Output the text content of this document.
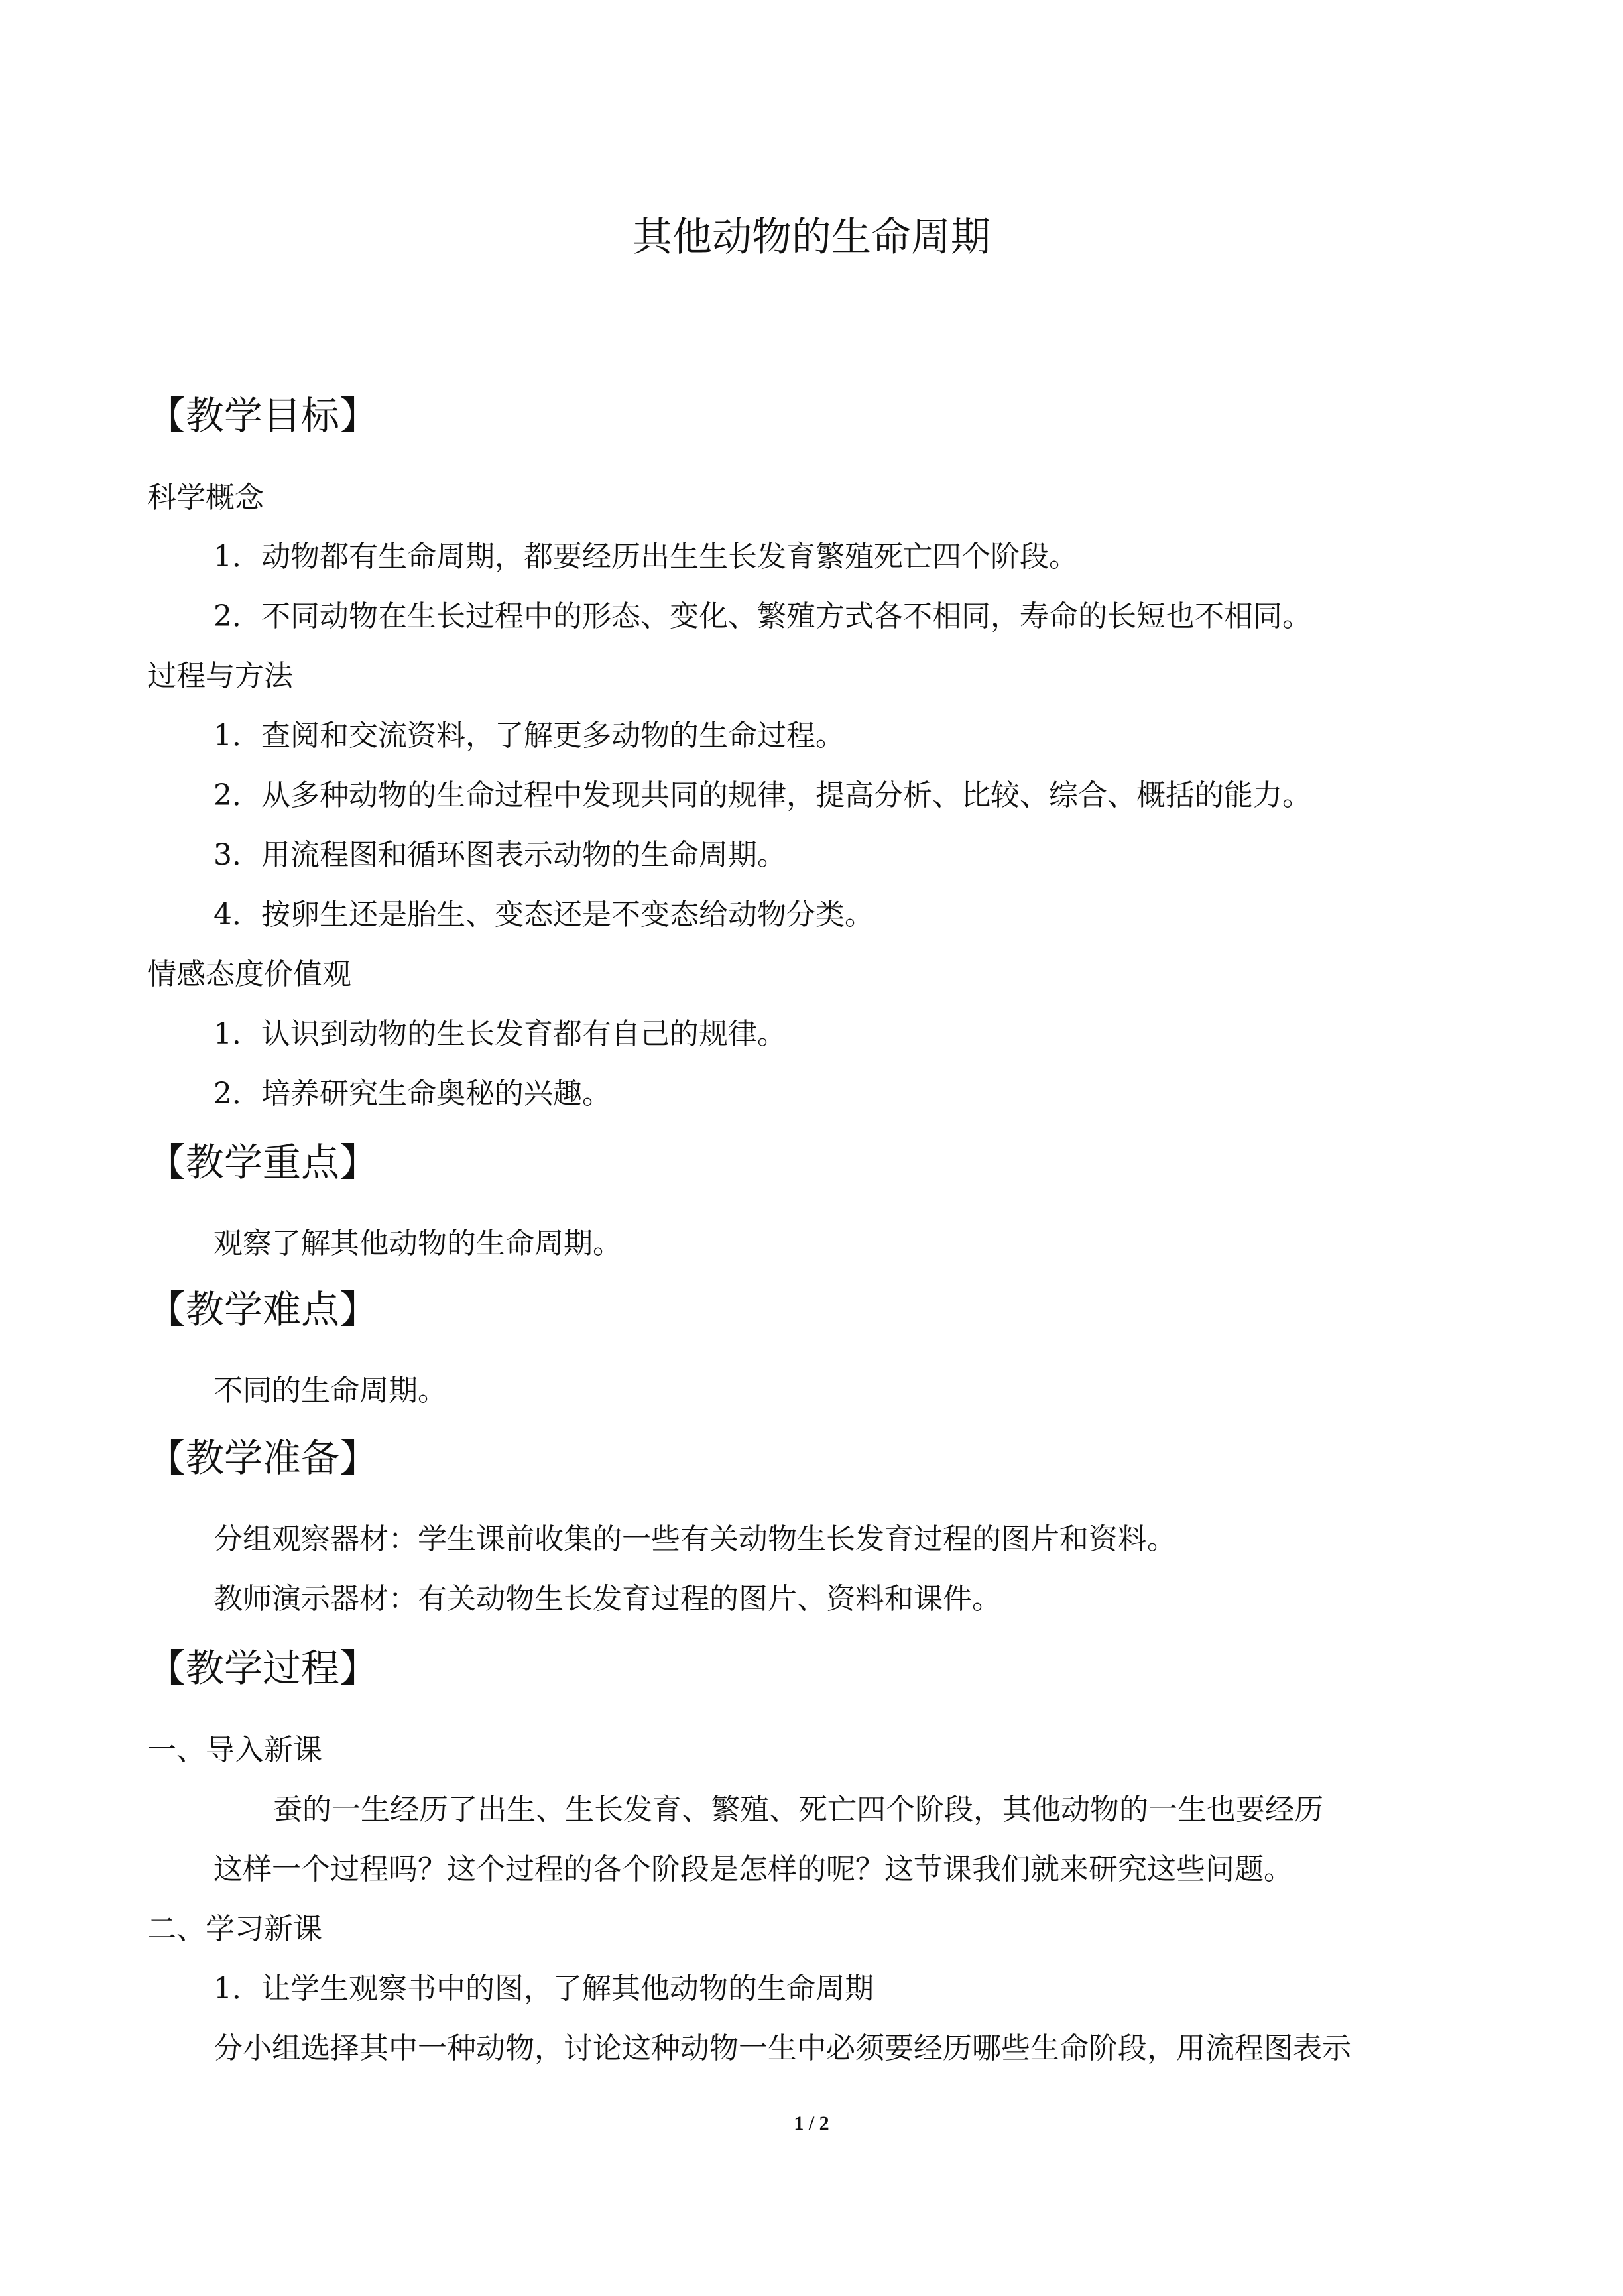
其他动物的生命周期
【教学目标】
科学概念
1．动物都有生命周期，都要经历出生生长发育繁殖死亡四个阶段。
2．不同动物在生长过程中的形态、变化、繁殖方式各不相同，寿命的长短也不相同。
过程与方法
1．查阅和交流资料，了解更多动物的生命过程。
2．从多种动物的生命过程中发现共同的规律，提高分析、比较、综合、概括的能力。
3．用流程图和循环图表示动物的生命周期。
4．按卵生还是胎生、变态还是不变态给动物分类。
情感态度价值观
1．认识到动物的生长发育都有自己的规律。
2．培养研究生命奥秘的兴趣。
【教学重点】
观察了解其他动物的生命周期。
【教学难点】
不同的生命周期。
【教学准备】
分组观察器材：学生课前收集的一些有关动物生长发育过程的图片和资料。
教师演示器材：有关动物生长发育过程的图片、资料和课件。
【教学过程】
一、导入新课
蚕的一生经历了出生、生长发育、繁殖、死亡四个阶段，其他动物的一生也要经历
这样一个过程吗？这个过程的各个阶段是怎样的呢？这节课我们就来研究这些问题。
二、学习新课
1．让学生观察书中的图，了解其他动物的生命周期
分小组选择其中一种动物，讨论这种动物一生中必须要经历哪些生命阶段，用流程图表示
1 / 2
